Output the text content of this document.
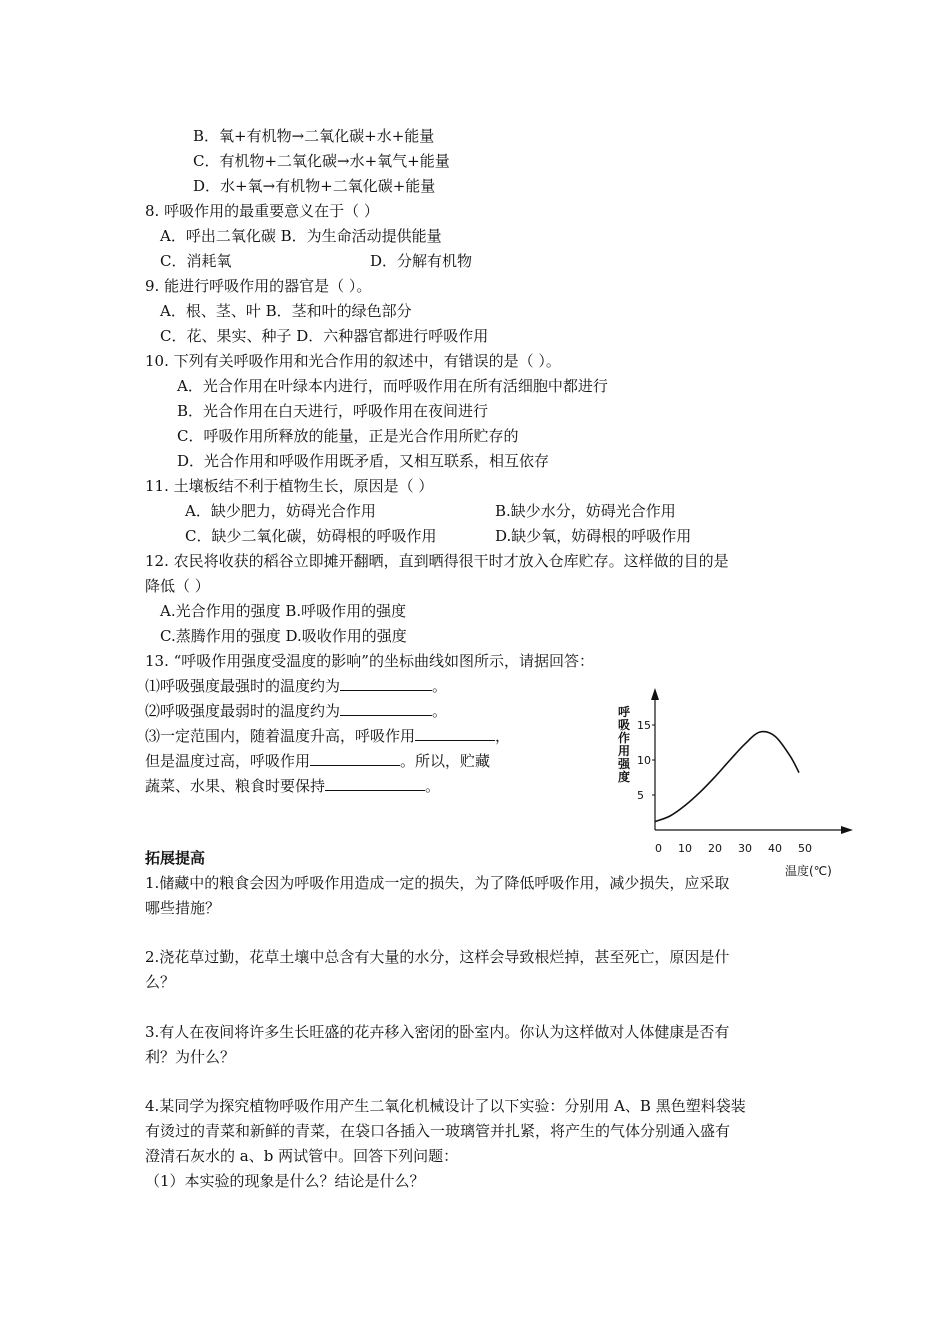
B．氧+有机物→二氧化碳+水+能量
C．有机物+二氧化碳→水+氧气+能量
D．水+氧→有机物+二氧化碳+能量
8. 呼吸作用的最重要意义在于（ ）
A．呼出二氧化碳 B．为生命活动提供能量
C．消耗氧	D．分解有机物
9. 能进行呼吸作用的器官是（ ）。
A．根、茎、叶 B．茎和叶的绿色部分
C．花、果实、种子 D．六种器官都进行呼吸作用
10. 下列有关呼吸作用和光合作用的叙述中，有错误的是（ ）。
A．光合作用在叶绿本内进行，而呼吸作用在所有活细胞中都进行
B．光合作用在白天进行，呼吸作用在夜间进行
C．呼吸作用所释放的能量，正是光合作用所贮存的
D．光合作用和呼吸作用既矛盾，又相互联系，相互依存
11. 土壤板结不利于植物生长，原因是（ ）
A．缺少肥力，妨碍光合作用	B.缺少水分，妨碍光合作用
C．缺少二氧化碳，妨碍根的呼吸作用	D.缺少氧，妨碍根的呼吸作用
12. 农民将收获的稻谷立即摊开翻晒，直到晒得很干时才放入仓库贮存。这样做的目的是
降低（ ）
A.光合作用的强度 B.呼吸作用的强度
C.蒸腾作用的强度 D.吸收作用的强度
13. “呼吸作用强度受温度的影响”的坐标曲线如图所示，请据回答：
⑴呼吸强度最强时的温度约为	。
⑵呼吸强度最弱时的温度约为	。
⑶一定范围内，随着温度升高，呼吸作用	，
但是温度过高，呼吸作用	。所以，贮藏
蔬菜、水果、粮食时要保持	。
呼
吸
作
用
强
度
0 10 20 30 40 50
5
10
15
温度(℃)
拓展提高
1.储藏中的粮食会因为呼吸作用造成一定的损失，为了降低呼吸作用，减少损失，应采取
哪些措施？
2.浇花草过勤，花草土壤中总含有大量的水分，这样会导致根烂掉，甚至死亡，原因是什
么？
3.有人在夜间将许多生长旺盛的花卉移入密闭的卧室内。你认为这样做对人体健康是否有
利？为什么？
4.某同学为探究植物呼吸作用产生二氧化机械设计了以下实验：分别用 A、B 黑色塑料袋装
有烫过的青菜和新鲜的青菜，在袋口各插入一玻璃管并扎紧，将产生的气体分别通入盛有
澄清石灰水的 a、b 两试管中。回答下列问题：
（1）本实验的现象是什么？结论是什么？
